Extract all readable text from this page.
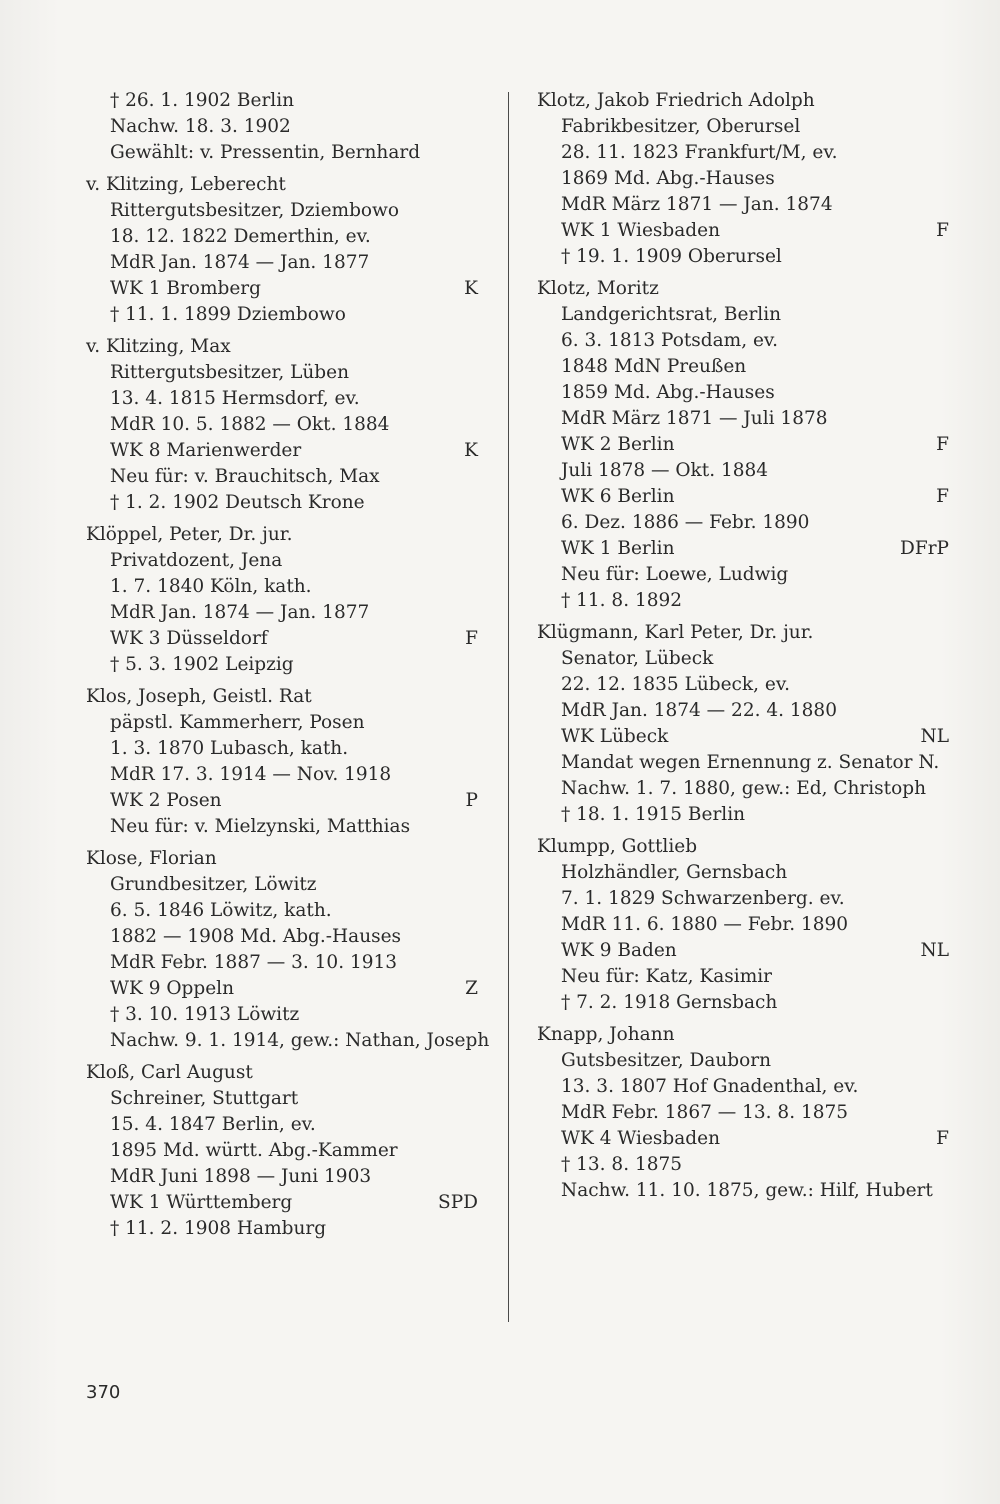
† 26. 1. 1902 Berlin
Nachw. 18. 3. 1902
Gewählt: v. Pressentin, Bernhard
v. Klitzing, Leberecht
Rittergutsbesitzer, Dziembowo
18. 12. 1822 Demerthin, ev.
MdR Jan. 1874 — Jan. 1877
WK 1 Bromberg	K
† 11. 1. 1899 Dziembowo
v. Klitzing, Max
Rittergutsbesitzer, Lüben
13. 4. 1815 Hermsdorf, ev.
MdR 10. 5. 1882 — Okt. 1884
WK 8 Marienwerder	K
Neu für: v. Brauchitsch, Max
† 1. 2. 1902 Deutsch Krone
Klöppel, Peter, Dr. jur.
Privatdozent, Jena
1. 7. 1840 Köln, kath.
MdR Jan. 1874 — Jan. 1877
WK 3 Düsseldorf	F
† 5. 3. 1902 Leipzig
Klos, Joseph, Geistl. Rat
päpstl. Kammerherr, Posen
1. 3. 1870 Lubasch, kath.
MdR 17. 3. 1914 — Nov. 1918
WK 2 Posen	P
Neu für: v. Mielzynski, Matthias
Klose, Florian
Grundbesitzer, Löwitz
6. 5. 1846 Löwitz, kath.
1882 — 1908 Md. Abg.-Hauses
MdR Febr. 1887 — 3. 10. 1913
WK 9 Oppeln	Z
† 3. 10. 1913 Löwitz
Nachw. 9. 1. 1914, gew.: Nathan, Joseph
Kloß, Carl August
Schreiner, Stuttgart
15. 4. 1847 Berlin, ev.
1895 Md. württ. Abg.-Kammer
MdR Juni 1898 — Juni 1903
WK 1 Württemberg	SPD
† 11. 2. 1908 Hamburg
Klotz, Jakob Friedrich Adolph
Fabrikbesitzer, Oberursel
28. 11. 1823 Frankfurt/M, ev.
1869 Md. Abg.-Hauses
MdR März 1871 — Jan. 1874
WK 1 Wiesbaden	F
† 19. 1. 1909 Oberursel
Klotz, Moritz
Landgerichtsrat, Berlin
6. 3. 1813 Potsdam, ev.
1848 MdN Preußen
1859 Md. Abg.-Hauses
MdR März 1871 — Juli 1878
WK 2 Berlin	F
Juli 1878 — Okt. 1884
WK 6 Berlin	F
6. Dez. 1886 — Febr. 1890
WK 1 Berlin	DFrP
Neu für: Loewe, Ludwig
† 11. 8. 1892
Klügmann, Karl Peter, Dr. jur.
Senator, Lübeck
22. 12. 1835 Lübeck, ev.
MdR Jan. 1874 — 22. 4. 1880
WK Lübeck	NL
Mandat wegen Ernennung z. Senator N.
Nachw. 1. 7. 1880, gew.: Ed, Christoph
† 18. 1. 1915 Berlin
Klumpp, Gottlieb
Holzhändler, Gernsbach
7. 1. 1829 Schwarzenberg. ev.
MdR 11. 6. 1880 — Febr. 1890
WK 9 Baden	NL
Neu für: Katz, Kasimir
† 7. 2. 1918 Gernsbach
Knapp, Johann
Gutsbesitzer, Dauborn
13. 3. 1807 Hof Gnadenthal, ev.
MdR Febr. 1867 — 13. 8. 1875
WK 4 Wiesbaden	F
† 13. 8. 1875
Nachw. 11. 10. 1875, gew.: Hilf, Hubert
370
